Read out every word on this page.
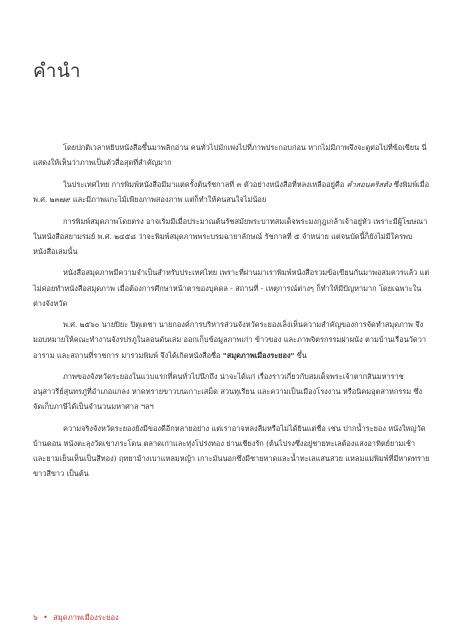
คำนำ

โดยปกติเวลาหยิบหนังสือขึ้นมาพลิกอ่าน คนทั่วไปมักเพ่งไปที่ภาพประกอบก่อน หากไม่มีภาพจึงจะดูต่อไปที่ข้อเขียน นี่แสดงให้เห็นว่าภาพเป็นตัวสื่อสุดที่สำคัญมาก

ในประเทศไทย การพิมพ์หนังสือมีมาแต่ครั้งต้นรัชกาลที่ ๓ ตัวอย่างหนังสือที่หลงเหลืออยู่คือ คำสอนคริสตัง ซึ่งพิมพ์เมื่อ พ.ศ. ๒๓๗๙ และมีภาพแกะไม้เพียงภาพสองภาพ แต่ก็ทำให้คนสนใจไม่น้อย

การพิมพ์สมุดภาพโดยตรง อาจเริ่มมีเมื่อประมาณต้นรัชสมัยพระบาทสมเด็จพระมงกุฎเกล้าเจ้าอยู่หัว เพราะมีผู้โฆษณาในหนังสือสยามรมย์ พ.ศ. ๒๔๕๘ ว่าจะพิมพ์สมุดภาพพระบรมฉายาลักษณ์ รัชกาลที่ ๕ จำหน่าย แต่จนบัดนี้ก็ยังไม่มีใครพบหนังสือเล่มนั้น

หนังสือสมุดภาพมีความจำเป็นสำหรับประเทศไทย เพราะที่ผ่านมาเราพิมพ์หนังสือรวมข้อเขียนกันมาพอสมควรแล้ว แต่ไม่ค่อยทำหนังสือสมุดภาพ เมื่อต้องการศึกษาหน้าตาของบุคคล - สถานที่ - เหตุการณ์ต่างๆ ก็ทำให้มีปัญหามาก โดยเฉพาะในต่างจังหวัด

พ.ศ. ๒๕๖๐ นายปิยะ ปิตุเตชา นายกองค์การบริหารส่วนจังหวัดระยองเล็งเห็นความสำคัญของการจัดทำสมุดภาพ จึงมอบหมายให้คณะทำงานจังรปรภูในลอนดันเล่ม ออกเก็บข้อมูลภาพเก่า ข้าวของ และภาพจิตรกรรมฝาผนัง ตามบ้านเรือนวัดวาอาราม และสถานที่ราชการ มารวมพิมพ์ จึงได้เกิดหนังสือชื่อ "สมุดภาพเมืองระยอง" ขึ้น

ภาพของจังหวัดระยองในแวบแรกที่คนทั่วไปนึกถึง น่าจะได้แก่ เรื่องราวเกี่ยวกับสมเด็จพระเจ้าตากสินมหาราช อนุสาวรีย์สุนทรภู่ที่อำเภอแกลง หาดทรายขาวบนเกาะเสม็ด สวนทุเรียน และความเป็นเมืองโรงงาน หรือนิคมอุตสาหกรรม ซึ่งจัดเก็บภาษีได้เป็นจำนวนมหาศาล ฯลฯ

ความจริงจังหวัดระยองยังมีของดีอีกหลายอย่าง แต่เราอาจหลงลืมหรือไม่ได้ยินแต่ชื่อ เช่น ปากน้ำระยอง หนังใหญ่วัดบ้านดอน หนังตะลุงวัดเขาภระโดน ตลาดเก่าและทุ่งโปร่งทอง ย่านเชียงรัก (ต้นไปรงซึ่งอยู่ชายทะเลต้องแสงอาทิตย์ยามเช้า และยามเย็นเห็นเป็นสีทอง) ฤทยาม้างเบาแหลมหญ้า เกาะมันนอกซึ่งมีชายหาดและน้ำทะเลแสนสวย แหลมแม่พิมพ์ที่มีหาดทรายขาวสีขาว เป็นต้น

๖ • สมุดภาพเมืองระยอง
